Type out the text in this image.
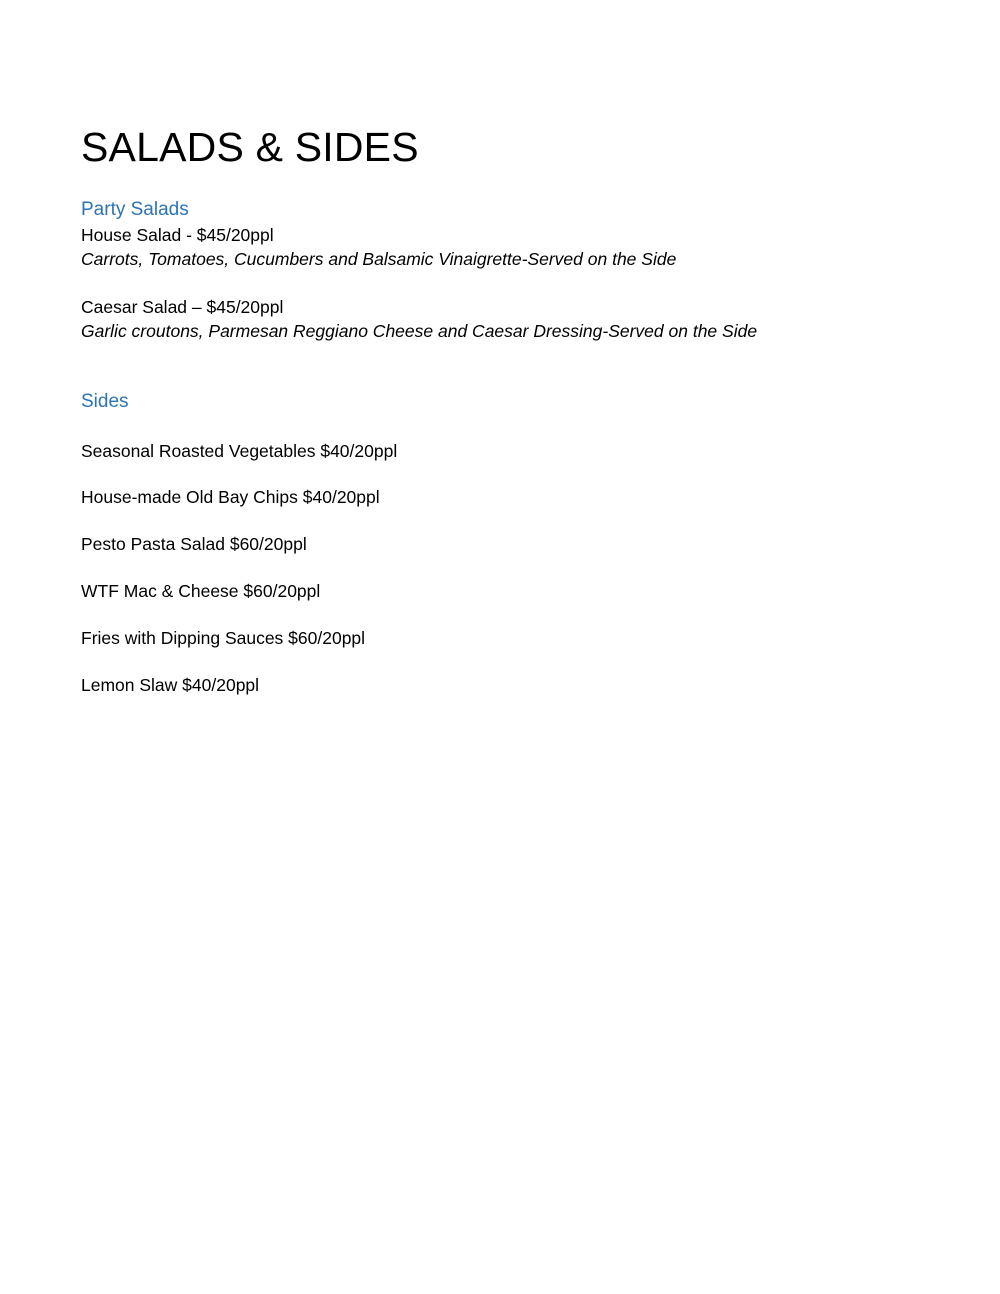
SALADS & SIDES
Party Salads
House Salad - $45/20ppl
Carrots, Tomatoes, Cucumbers and Balsamic Vinaigrette-Served on the Side
Caesar Salad – $45/20ppl
Garlic croutons, Parmesan Reggiano Cheese and Caesar Dressing-Served on the Side
Sides
Seasonal Roasted Vegetables $40/20ppl
House-made Old Bay Chips $40/20ppl
Pesto Pasta Salad $60/20ppl
WTF Mac & Cheese $60/20ppl
Fries with Dipping Sauces $60/20ppl
Lemon Slaw $40/20ppl
